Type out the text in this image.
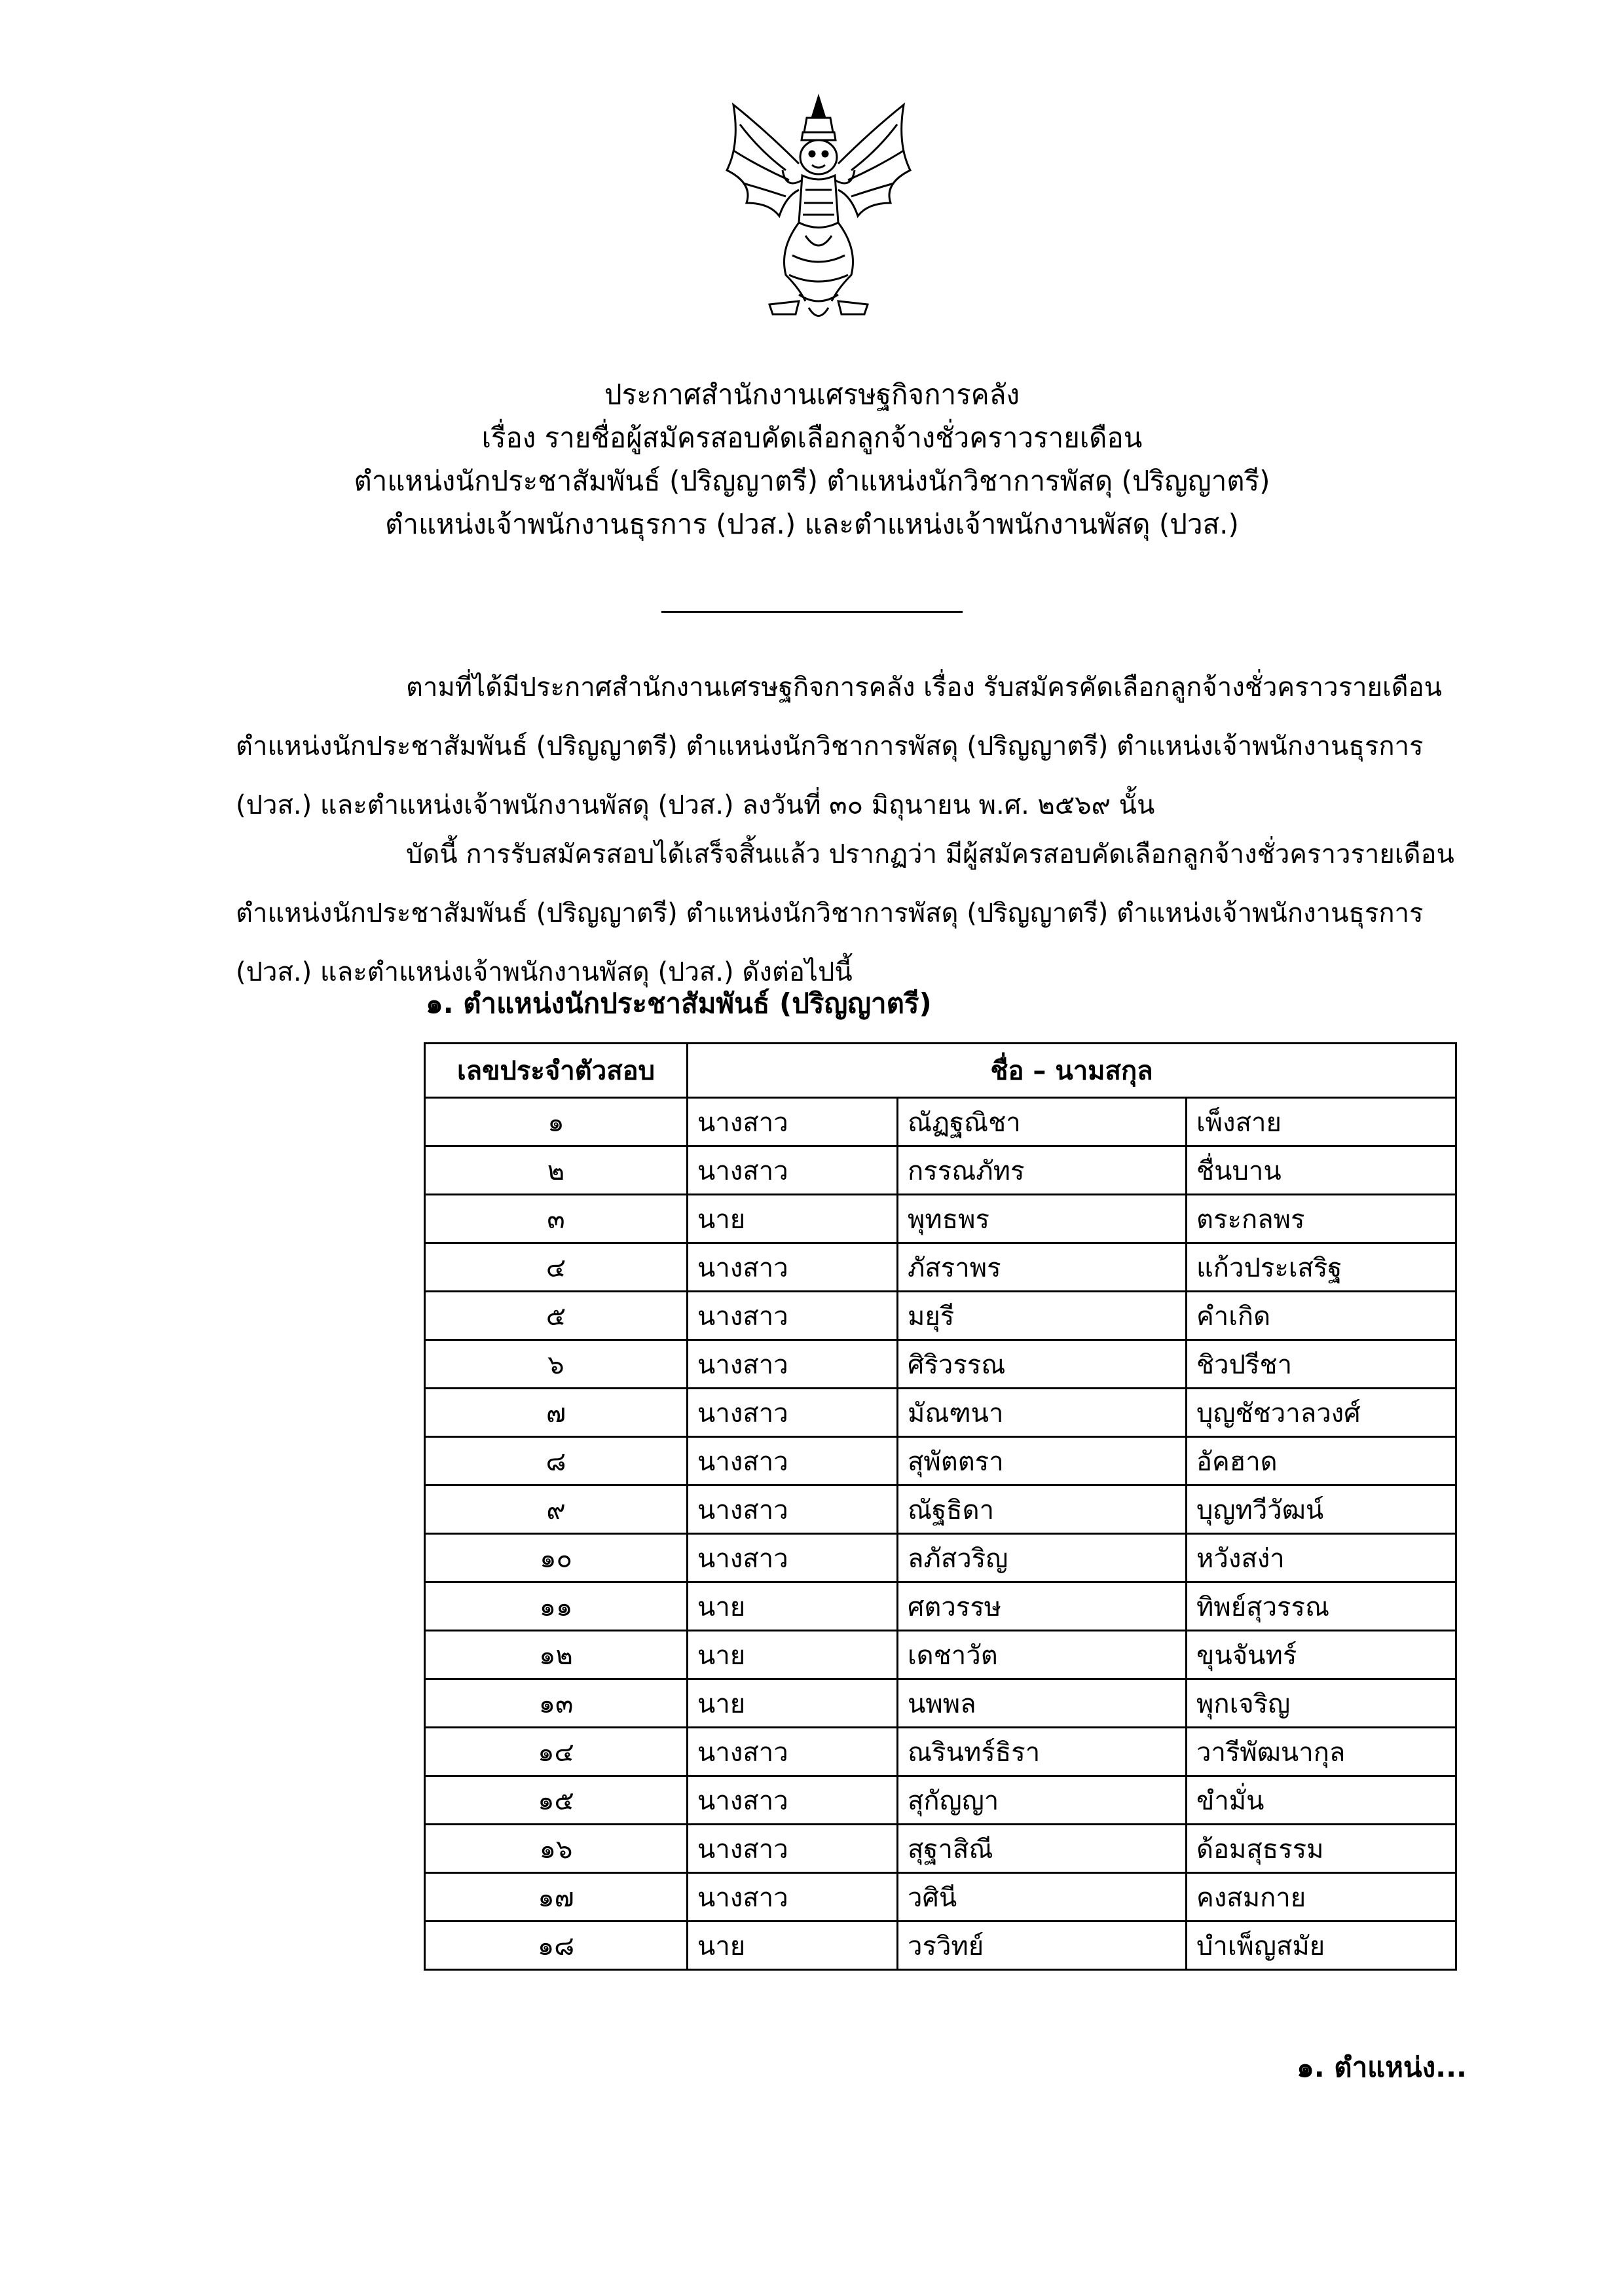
ประกาศสำนักงานเศรษฐกิจการคลัง
เรื่อง รายชื่อผู้สมัครสอบคัดเลือกลูกจ้างชั่วคราวรายเดือน
ตำแหน่งนักประชาสัมพันธ์ (ปริญญาตรี) ตำแหน่งนักวิชาการพัสดุ (ปริญญาตรี)
ตำแหน่งเจ้าพนักงานธุรการ (ปวส.) และตำแหน่งเจ้าพนักงานพัสดุ (ปวส.)
ตามที่ได้มีประกาศสำนักงานเศรษฐกิจการคลัง เรื่อง รับสมัครคัดเลือกลูกจ้างชั่วคราวรายเดือน
ตำแหน่งนักประชาสัมพันธ์ (ปริญญาตรี) ตำแหน่งนักวิชาการพัสดุ (ปริญญาตรี) ตำแหน่งเจ้าพนักงานธุรการ
(ปวส.) และตำแหน่งเจ้าพนักงานพัสดุ (ปวส.) ลงวันที่ ๓๐ มิถุนายน พ.ศ. ๒๕๖๙ นั้น
บัดนี้ การรับสมัครสอบได้เสร็จสิ้นแล้ว ปรากฏว่า มีผู้สมัครสอบคัดเลือกลูกจ้างชั่วคราวรายเดือน
ตำแหน่งนักประชาสัมพันธ์ (ปริญญาตรี) ตำแหน่งนักวิชาการพัสดุ (ปริญญาตรี) ตำแหน่งเจ้าพนักงานธุรการ
(ปวส.) และตำแหน่งเจ้าพนักงานพัสดุ (ปวส.) ดังต่อไปนี้
๑. ตำแหน่งนักประชาสัมพันธ์ (ปริญญาตรี)
เลขประจำตัวสอบ	ชื่อ – นามสกุล		
๑	นางสาว	ณัฏฐณิชา	เพ็งสาย
๒	นางสาว	กรรณภัทร	ชื่นบาน
๓	นาย	พุทธพร	ตระกลพร
๔	นางสาว	ภัสราพร	แก้วประเสริฐ
๕	นางสาว	มยุรี	คำเกิด
๖	นางสาว	ศิริวรรณ	ชิวปรีชา
๗	นางสาว	มัณฑนา	บุญชัชวาลวงศ์
๘	นางสาว	สุพัตตรา	อัคฮาด
๙	นางสาว	ณัฐธิดา	บุญทวีวัฒน์
๑๐	นางสาว	ลภัสวริญ	หวังสง่า
๑๑	นาย	ศตวรรษ	ทิพย์สุวรรณ
๑๒	นาย	เดชาวัต	ขุนจันทร์
๑๓	นาย	นพพล	พุกเจริญ
๑๔	นางสาว	ณรินทร์ธิรา	วารีพัฒนากุล
๑๕	นางสาว	สุกัญญา	ขำมั่น
๑๖	นางสาว	สุฐาสิณี	ด้อมสุธรรม
๑๗	นางสาว	วศินี	คงสมกาย
๑๘	นาย	วรวิทย์	บำเพ็ญสมัย
๑. ตำแหน่ง...
